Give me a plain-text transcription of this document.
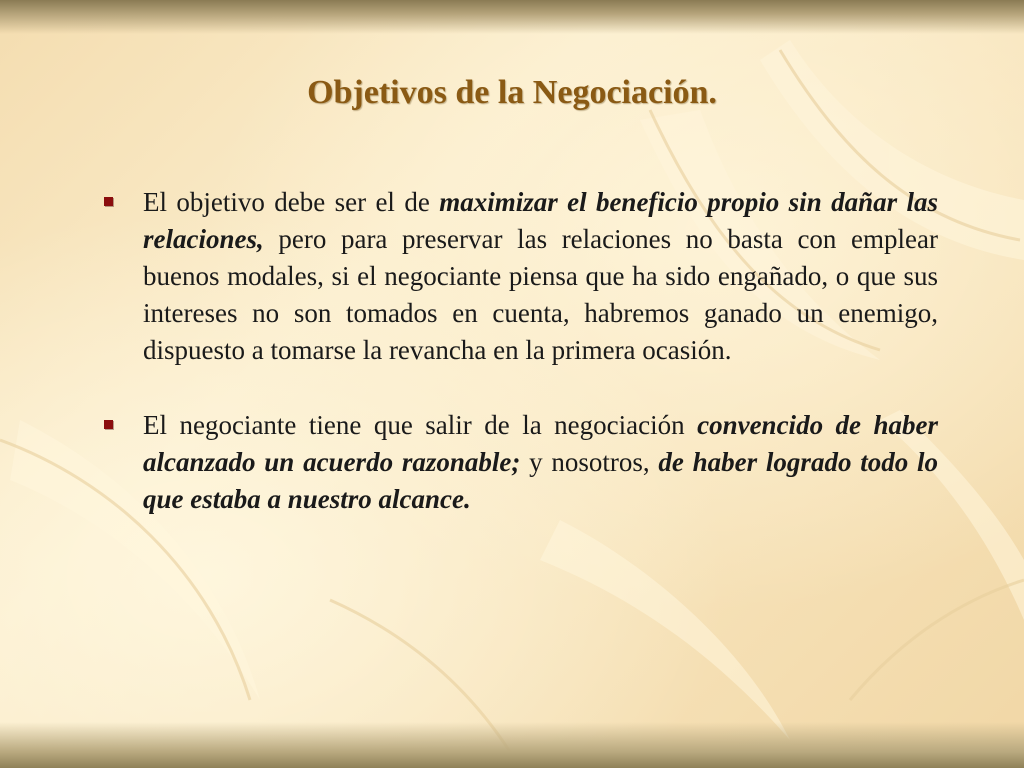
Objetivos de la Negociación.

El objetivo debe ser el de maximizar el beneficio propio sin dañar las relaciones, pero para preservar las relaciones no basta con emplear buenos modales, si el negociante piensa que ha sido engañado, o que sus intereses no son tomados en cuenta, habremos ganado un enemigo, dispuesto a tomarse la revancha en la primera ocasión.

El negociante tiene que salir de la negociación convencido de haber alcanzado un acuerdo razonable; y nosotros, de haber logrado todo lo que estaba a nuestro alcance.
